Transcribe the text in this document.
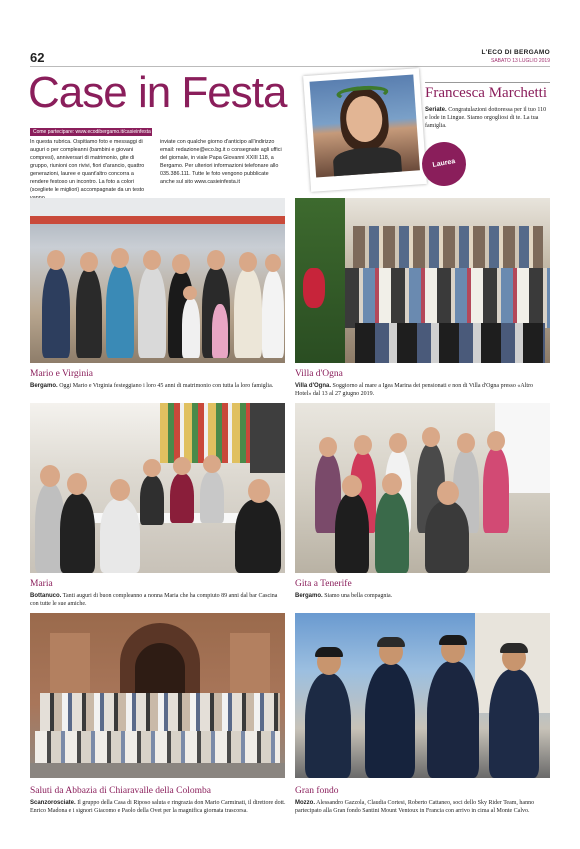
62	L'ECO DI BERGAMO
SABATO 13 LUGLIO 2019
Case in Festa
Come partecipare: www.ecodibergamo.it/casieinfesta
In questa rubrica. Ospitiamo foto e messaggi di auguri o per compleanni (bambini e giovani compresi), anniversari di matrimonio, gite di gruppo, riunioni con rivivi, fiori d'arancio, quattro generazioni, lauree e quant'altro concorra a rendere festoso un incontro. La foto a colori (scegliete le migliori) accompagnate da un testo
inviate con qualche giorno d'anticipo all'indirizzo email: redazione@eco.bg.it o consegnate agli uffici del giornale, in viale Papa Giovanni XXIII 118, a Bergamo. Per ulteriori informazioni telefonare allo 035.386.111. Tutte le foto vengono pubblicate anche sul sito www.casieinfesta.it
Laurea
Francesca Marchetti
Seriate. Congratulazioni dottoressa per il tuo 110 e lode in Lingue. Siamo orgogliosi di te. La tua famiglia.
Mario e Virginia
Bergamo. Oggi Mario e Virginia festeggiano i loro 45 anni di matrimonio con tutta la loro famiglia.
Villa d'Ogna
Villa d'Ogna. Soggiorno al mare a Igea Marina dei pensionati e non di Villa d'Ogna presso «Altro Hotel» dal 13 al 27 giugno 2019.
Maria
Bottanuco. Tanti auguri di buon compleanno a nonna Maria che ha compiuto 89 anni dal bar Cascina con tutte le sue amiche.
Gita a Tenerife
Bergamo. Siamo una bella compagnia.
Saluti da Abbazia di Chiaravalle della Colomba
Scanzorosciate. Il gruppo della Casa di Riposo saluta e ringrazia don Mario Carminati, il direttore dott. Enrico Madona e i signori Giacomo e Paolo della Ovet per la magnifica giornata trascorsa.
Gran fondo
Mozzo. Alessandro Gazzola, Claudia Cortesi, Roberto Cattaneo, soci dello Sky Rider Team, hanno partecipato alla Gran fondo Santini Mount Ventoux in Francia con arrivo in cima al Monte Calvo.
